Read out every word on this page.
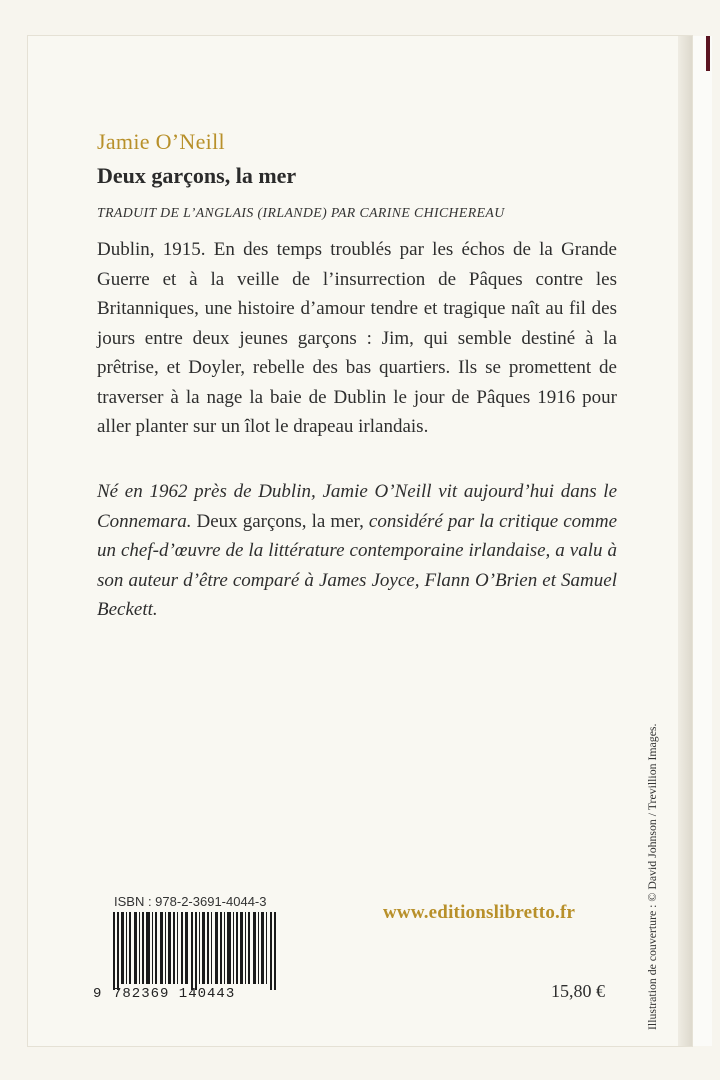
Jamie O’Neill
Deux garçons, la mer
TRADUIT DE L’ANGLAIS (IRLANDE) PAR CARINE CHICHEREAU
Dublin, 1915. En des temps troublés par les échos de la Grande Guerre et à la veille de l’insurrection de Pâques contre les Britanniques, une histoire d’amour tendre et tragique naît au fil des jours entre deux jeunes garçons : Jim, qui semble destiné à la prêtrise, et Doyler, rebelle des bas quartiers. Ils se promettent de traverser à la nage la baie de Dublin le jour de Pâques 1916 pour aller planter sur un îlot le drapeau irlandais.
Né en 1962 près de Dublin, Jamie O’Neill vit aujourd’hui dans le Connemara. Deux garçons, la mer, considéré par la critique comme un chef-d’œuvre de la littérature contemporaine irlandaise, a valu à son auteur d’être comparé à James Joyce, Flann O’Brien et Samuel Beckett.
ISBN : 978-2-3691-4044-3
9 782369 140443
www.editionslibretto.fr
15,80 €	Illustration de couverture : © David Johnson / Trevillion Images.
